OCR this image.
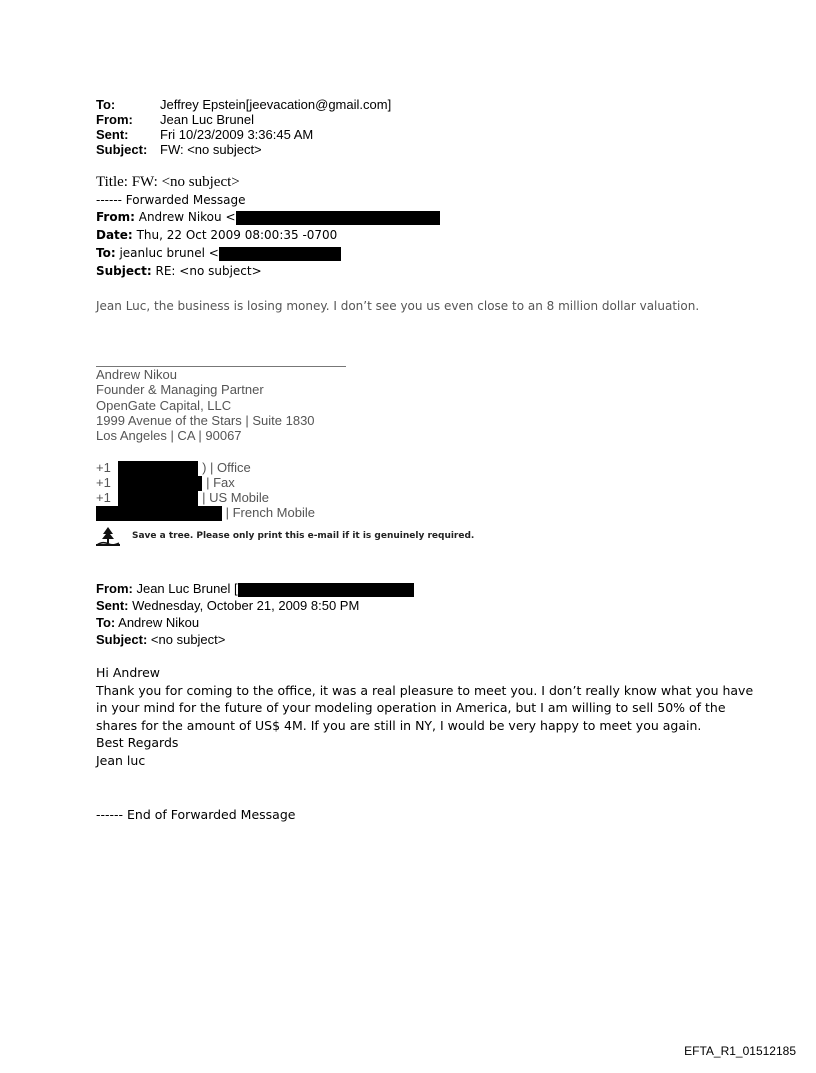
To:	Jeffrey Epstein[jeevacation@gmail.com]
From: Jean Luc Brunel
Sent: Fri 10/23/2009 3:36:45 AM
Subject: FW: <no subject>
Title: FW: <no subject>
------ Forwarded Message
From: Andrew Nikou <
Date: Thu, 22 Oct 2009 08:00:35 -0700
To: jeanluc brunel <
Subject: RE: <no subject>
Jean Luc, the business is losing money. I don’t see you us even close to an 8 million dollar valuation.
Andrew Nikou
Founder & Managing Partner
OpenGate Capital, LLC
1999 Avenue of the Stars | Suite 1830
Los Angeles | CA | 90067
+1	) | Office
+1	| Fax
+1	| US Mobile
| French Mobile
Save a tree. Please only print this e-mail if it is genuinely required.
From: Jean Luc Brunel [
Sent: Wednesday, October 21, 2009 8:50 PM
To: Andrew Nikou
Subject: <no subject>
Hi Andrew
Thank you for coming to the office, it was a real pleasure to meet you. I don’t really know what you have
in your mind for the future of your modeling operation in America, but I am willing to sell 50% of the
shares for the amount of US$ 4M. If you are still in NY, I would be very happy to meet you again.
Best Regards
Jean luc
------ End of Forwarded Message
EFTA_R1_01512185
